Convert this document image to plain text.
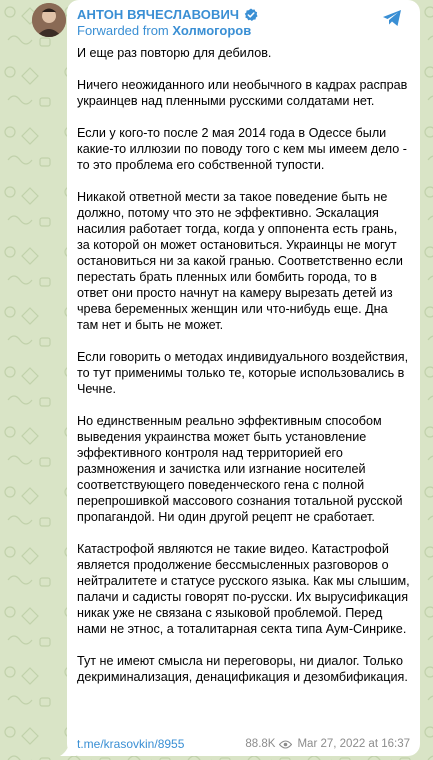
АНТОН ВЯЧЕСЛАВОВИЧ
Forwarded from Холмогоров

И еще раз повторю для дебилов.

Ничего неожиданного или необычного в кадрах расправ украинцев над пленными русскими солдатами нет.

Если у кого-то после 2 мая 2014 года в Одессе были какие-то иллюзии по поводу того с кем мы имеем дело - то это проблема его собственной тупости.

Никакой ответной мести за такое поведение быть не должно, потому что это не эффективно. Эскалация насилия работает тогда, когда у оппонента есть грань, за которой он может остановиться. Украинцы не могут остановиться ни за какой гранью. Соответственно если перестать брать пленных или бомбить города, то в ответ они просто начнут на камеру вырезать детей из чрева беременных женщин или что-нибудь еще. Дна там нет и быть не может.

Если говорить о методах индивидуального воздействия, то тут применимы только те, которые использовались в Чечне.

Но единственным реально эффективным способом выведения украинства может быть установление эффективного контроля над территорией его размножения и зачистка или изгнание носителей соответствующего поведенческого гена с полной перепрошивкой массового сознания тотальной русской пропагандой. Ни один другой рецепт не сработает.

Катастрофой являются не такие видео. Катастрофой является продолжение бессмысленных разговоров о нейтралитете и статусе русского языка. Как мы слышим, палачи и садисты говорят по-русски. Их вырусификация никак уже не связана с языковой проблемой. Перед нами не этнос, а тоталитарная секта типа Аум-Синрике.

Тут не имеют смысла ни переговоры, ни диалог. Только декриминализация, денацификация и дезомбификация.

t.me/krasovkin/8955	88.8K Mar 27, 2022 at 16:37
